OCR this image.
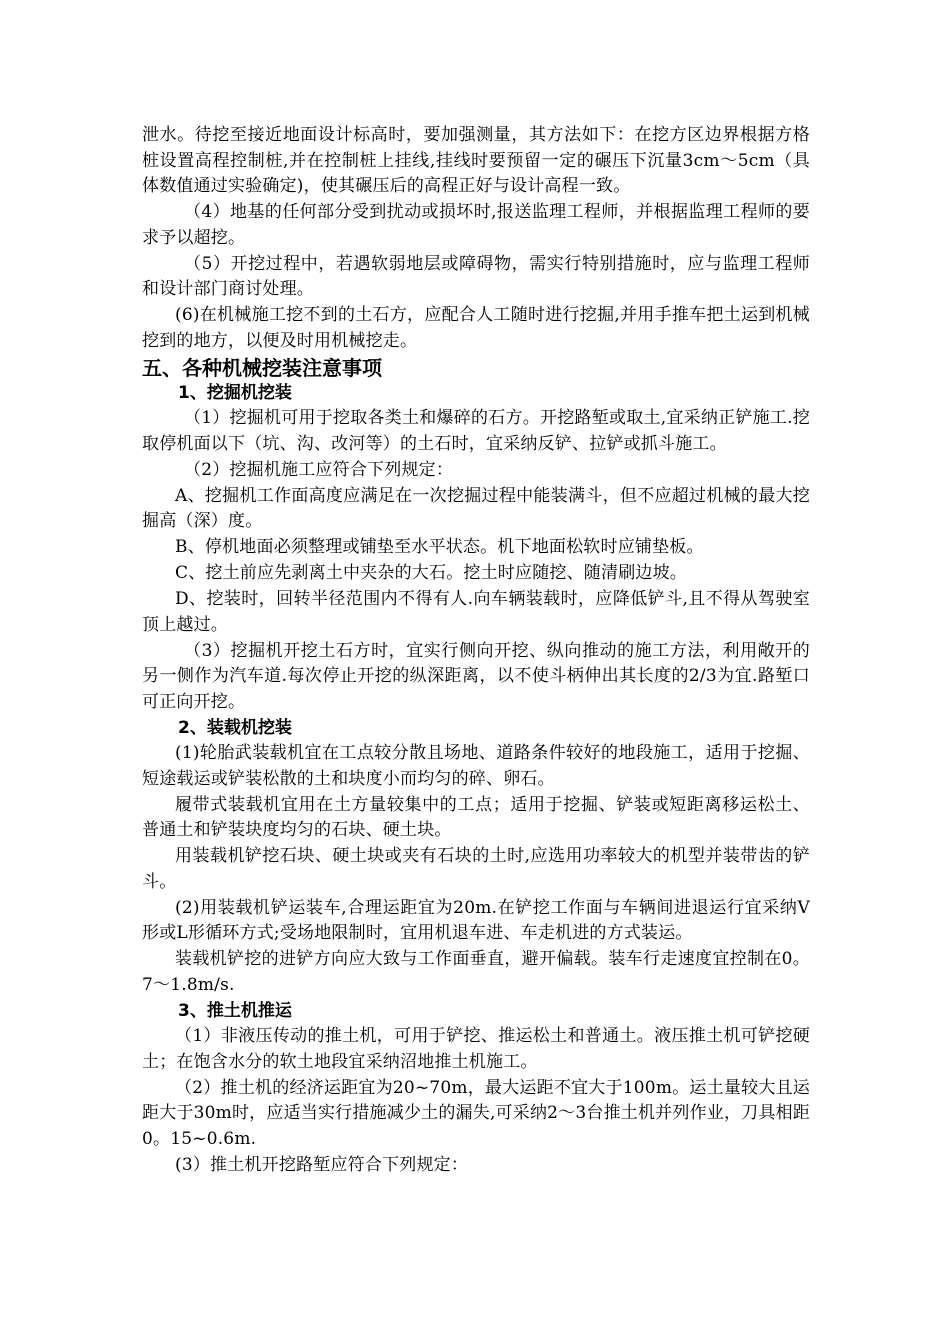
泄水。待挖至接近地面设计标高时，要加强测量，其方法如下：在挖方区边界根据方格桩设置高程控制桩,并在控制桩上挂线,挂线时要预留一定的碾压下沉量3cm～5cm（具体数值通过实验确定)，使其碾压后的高程正好与设计高程一致。

（4）地基的任何部分受到扰动或损坏时,报送监理工程师，并根据监理工程师的要求予以超挖。

（5）开挖过程中，若遇软弱地层或障碍物，需实行特别措施时，应与监理工程师和设计部门商讨处理。

(6)在机械施工挖不到的土石方，应配合人工随时进行挖掘,并用手推车把土运到机械挖到的地方，以便及时用机械挖走。

五、各种机械挖装注意事项
1、挖掘机挖装

（1）挖掘机可用于挖取各类土和爆碎的石方。开挖路堑或取土,宜采纳正铲施工.挖取停机面以下（坑、沟、改河等）的土石时，宜采纳反铲、拉铲或抓斗施工。

（2）挖掘机施工应符合下列规定：

A、挖掘机工作面高度应满足在一次挖掘过程中能装满斗，但不应超过机械的最大挖掘高（深）度。

B、停机地面必须整理或铺垫至水平状态。机下地面松软时应铺垫板。

C、挖土前应先剥离土中夹杂的大石。挖土时应随挖、随清刷边坡。

D、挖装时，回转半径范围内不得有人.向车辆装载时，应降低铲斗,且不得从驾驶室顶上越过。

（3）挖掘机开挖土石方时，宜实行侧向开挖、纵向推动的施工方法，利用敞开的另一侧作为汽车道.每次停止开挖的纵深距离，以不使斗柄伸出其长度的2/3为宜.路堑口可正向开挖。

2、装载机挖装

(1)轮胎武装载机宜在工点较分散且场地、道路条件较好的地段施工，适用于挖掘、短途载运或铲装松散的土和块度小而均匀的碎、卵石。

履带式装载机宜用在土方量较集中的工点；适用于挖掘、铲装或短距离移运松土、普通土和铲装块度均匀的石块、硬土块。

用装载机铲挖石块、硬土块或夹有石块的土时,应选用功率较大的机型并装带齿的铲斗。

(2)用装载机铲运装车,合理运距宜为20m.在铲挖工作面与车辆间进退运行宜采纳V形或L形循环方式;受场地限制时，宜用机退车进、车走机进的方式装运。

装载机铲挖的进铲方向应大致与工作面垂直，避开偏载。装车行走速度宜控制在0。7～1.8m/s.

3、推土机推运

（1）非液压传动的推土机，可用于铲挖、推运松土和普通土。液压推土机可铲挖硬土；在饱含水分的软土地段宜采纳沼地推土机施工。

（2）推土机的经济运距宜为20~70m，最大运距不宜大于100m。运土量较大且运距大于30m时，应适当实行措施减少土的漏失,可采纳2～3台推土机并列作业，刀具相距0。15~0.6m.

(3）推土机开挖路堑应符合下列规定：
